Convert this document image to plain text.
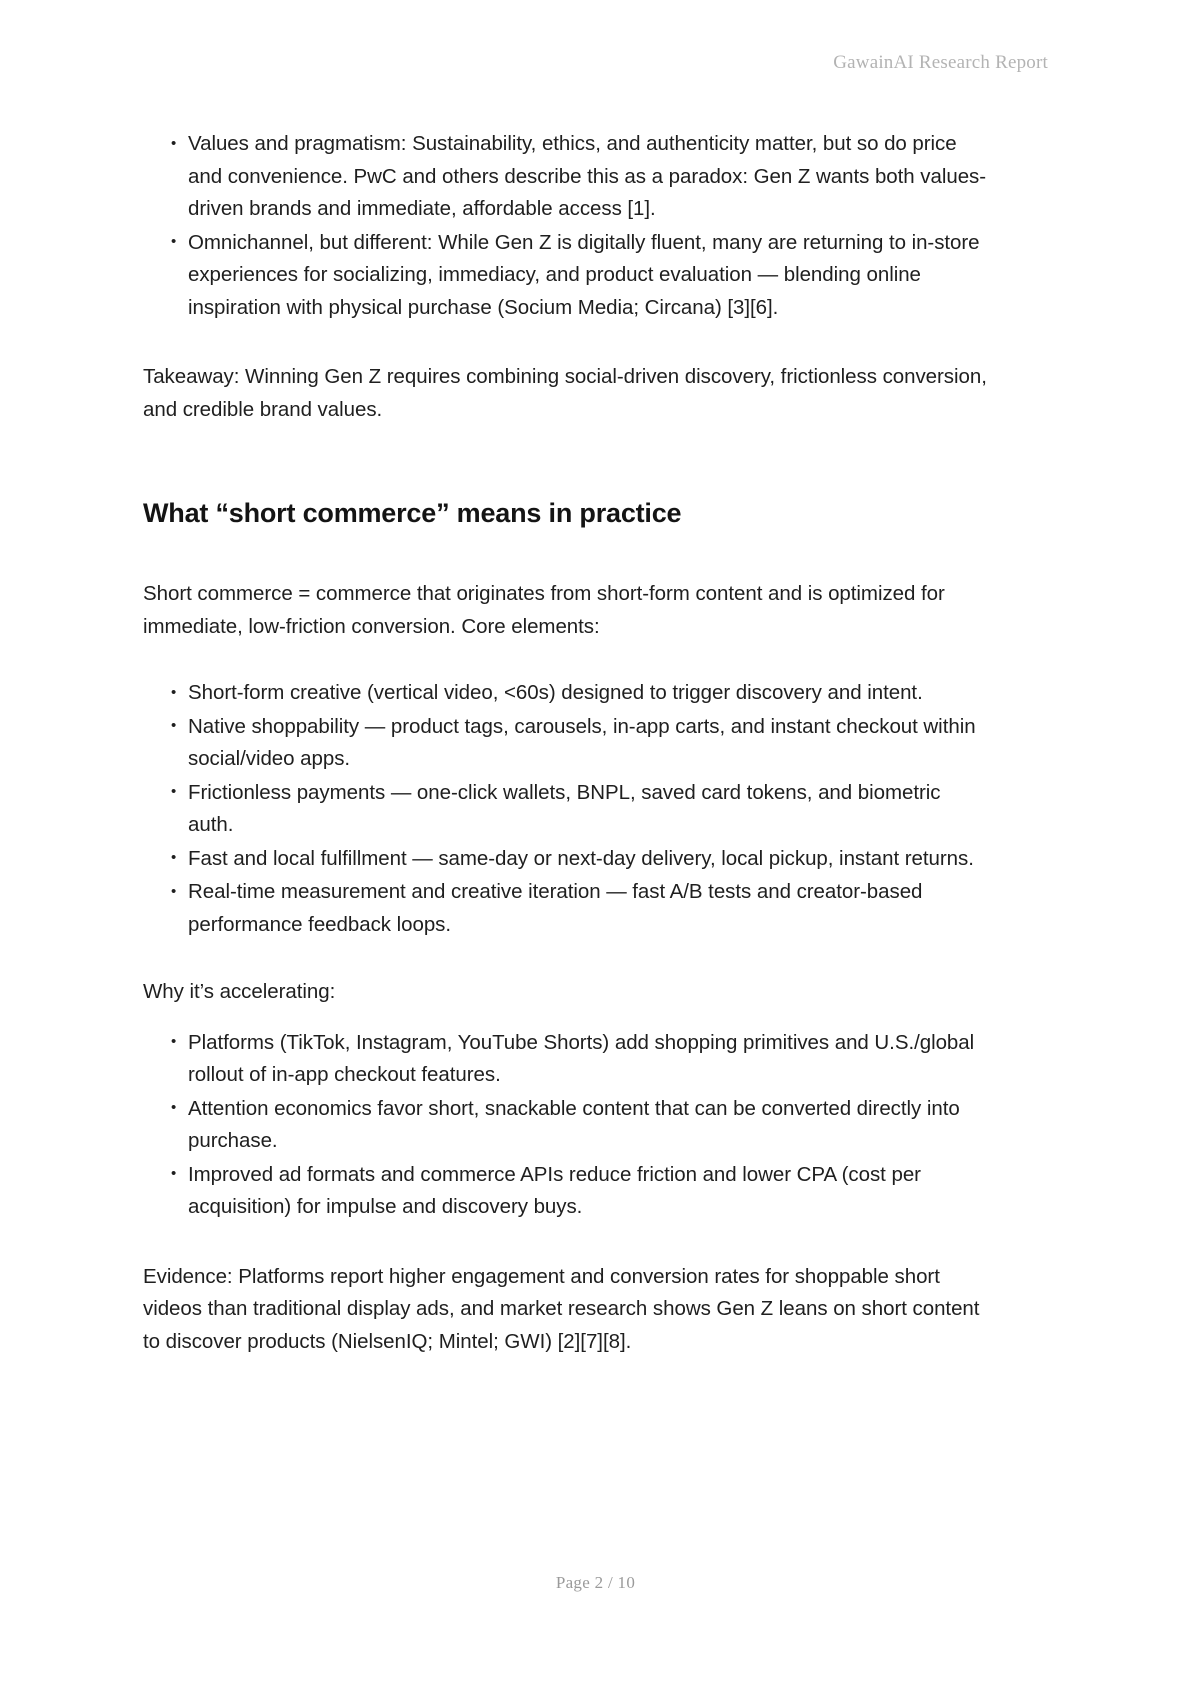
GawainAI Research Report
• Values and pragmatism: Sustainability, ethics, and authenticity matter, but so do price and convenience. PwC and others describe this as a paradox: Gen Z wants both values-driven brands and immediate, affordable access [1].
• Omnichannel, but different: While Gen Z is digitally fluent, many are returning to in-store experiences for socializing, immediacy, and product evaluation — blending online inspiration with physical purchase (Socium Media; Circana) [3][6].

Takeaway: Winning Gen Z requires combining social-driven discovery, frictionless conversion, and credible brand values.

What “short commerce” means in practice

Short commerce = commerce that originates from short-form content and is optimized for immediate, low-friction conversion. Core elements:

• Short-form creative (vertical video, <60s) designed to trigger discovery and intent.
• Native shoppability — product tags, carousels, in-app carts, and instant checkout within social/video apps.
• Frictionless payments — one-click wallets, BNPL, saved card tokens, and biometric auth.
• Fast and local fulfillment — same-day or next-day delivery, local pickup, instant returns.
• Real-time measurement and creative iteration — fast A/B tests and creator-based performance feedback loops.

Why it’s accelerating:

• Platforms (TikTok, Instagram, YouTube Shorts) add shopping primitives and U.S./global rollout of in-app checkout features.
• Attention economics favor short, snackable content that can be converted directly into purchase.
• Improved ad formats and commerce APIs reduce friction and lower CPA (cost per acquisition) for impulse and discovery buys.

Evidence: Platforms report higher engagement and conversion rates for shoppable short videos than traditional display ads, and market research shows Gen Z leans on short content to discover products (NielsenIQ; Mintel; GWI) [2][7][8].

Page 2 / 10
